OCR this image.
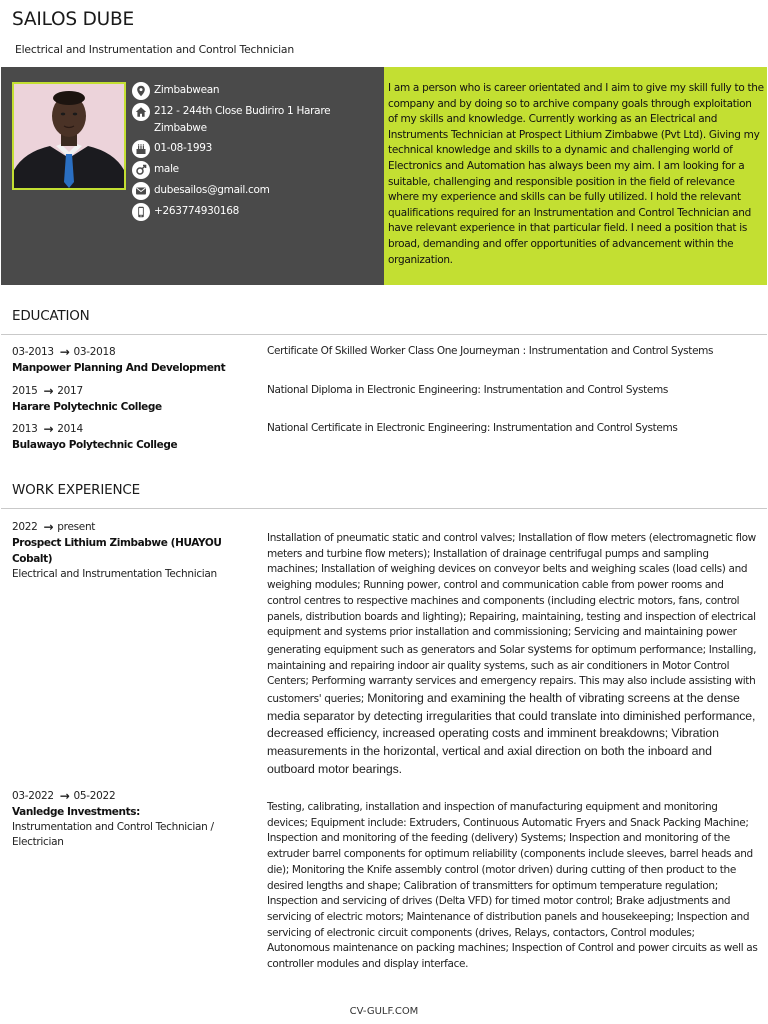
SAILOS DUBE
Electrical and Instrumentation and Control Technician
Zimbabwean
212 - 244th Close Budiriro 1 Harare Zimbabwe
01-08-1993
male
dubesailos@gmail.com
+263774930168
I am a person who is career orientated and I aim to give my skill fully to the company and by doing so to archive company goals through exploitation of my skills and knowledge. Currently working as an Electrical and Instruments Technician at Prospect Lithium Zimbabwe (Pvt Ltd). Giving my technical knowledge and skills to a dynamic and challenging world of Electronics and Automation has always been my aim. I am looking for a suitable, challenging and responsible position in the field of relevance where my experience and skills can be fully utilized. I hold the relevant qualifications required for an Instrumentation and Control Technician and have relevant experience in that particular field. I need a position that is broad, demanding and offer opportunities of advancement within the organization.
EDUCATION
03-2013 → 03-2018
Manpower Planning And Development
Certificate Of Skilled Worker Class One Journeyman : Instrumentation and Control Systems
2015 → 2017
Harare Polytechnic College
National Diploma in Electronic Engineering: Instrumentation and Control Systems
2013 → 2014
Bulawayo Polytechnic College
National Certificate in Electronic Engineering: Instrumentation and Control Systems
WORK EXPERIENCE
2022 → present
Prospect Lithium Zimbabwe (HUAYOU Cobalt)
Electrical and Instrumentation Technician
Installation of pneumatic static and control valves; Installation of flow meters (electromagnetic flow meters and turbine flow meters); Installation of drainage centrifugal pumps and sampling machines; Installation of weighing devices on conveyor belts and weighing scales (load cells) and weighing modules; Running power, control and communication cable from power rooms and control centres to respective machines and components (including electric motors, fans, control panels, distribution boards and lighting); Repairing, maintaining, testing and inspection of electrical equipment and systems prior installation and commissioning; Servicing and maintaining power generating equipment such as generators and Solar systems for optimum performance; Installing, maintaining and repairing indoor air quality systems, such as air conditioners in Motor Control Centers; Performing warranty services and emergency repairs. This may also include assisting with customers' queries; Monitoring and examining the health of vibrating screens at the dense media separator by detecting irregularities that could translate into diminished performance, decreased efficiency, increased operating costs and imminent breakdowns; Vibration measurements in the horizontal, vertical and axial direction on both the inboard and outboard motor bearings.
03-2022 → 05-2022
Vanledge Investments:
Instrumentation and Control Technician / Electrician
Testing, calibrating, installation and inspection of manufacturing equipment and monitoring devices; Equipment include: Extruders, Continuous Automatic Fryers and Snack Packing Machine; Inspection and monitoring of the feeding (delivery) Systems; Inspection and monitoring of the extruder barrel components for optimum reliability (components include sleeves, barrel heads and die); Monitoring the Knife assembly control (motor driven) during cutting of then product to the desired lengths and shape; Calibration of transmitters for optimum temperature regulation; Inspection and servicing of drives (Delta VFD) for timed motor control; Brake adjustments and servicing of electric motors; Maintenance of distribution panels and housekeeping; Inspection and servicing of electronic circuit components (drives, Relays, contactors, Control modules; Autonomous maintenance on packing machines; Inspection of Control and power circuits as well as controller modules and display interface.
CV-GULF.COM
